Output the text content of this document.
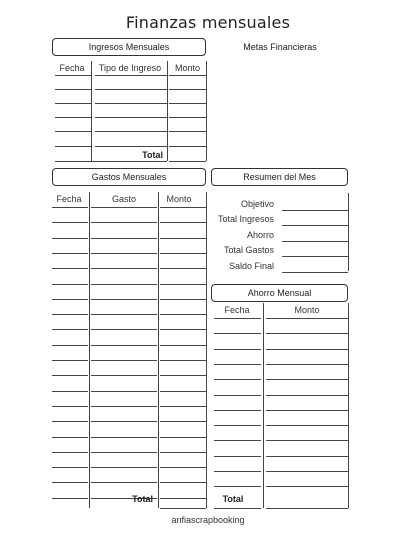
Finanzas mensuales
Ingresos Mensuales
Fecha	Tipo de Ingreso	Monto
Total
Metas Financieras
Gastos Mensuales
Fecha	Gasto	Monto
Total
Resumen del Mes
Objetivo
Total Ingresos
Ahorro
Total Gastos
Saldo Final
Ahorro Mensual
Fecha	Monto
Total
anfiascrapbooking
